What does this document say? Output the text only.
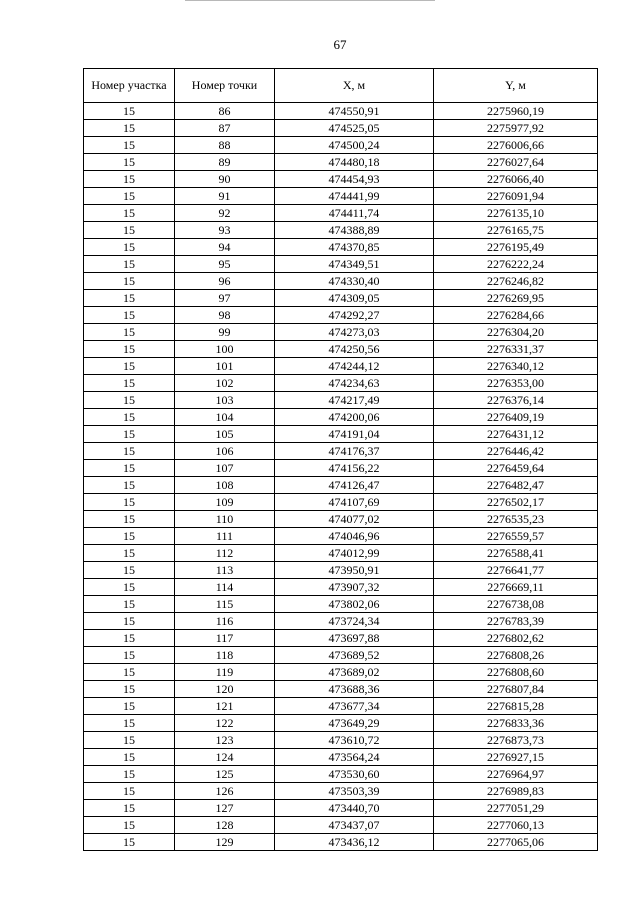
67
Номер участка	Номер точки	X, м	Y, м
15	86	474550,91	2275960,19
15	87	474525,05	2275977,92
15	88	474500,24	2276006,66
15	89	474480,18	2276027,64
15	90	474454,93	2276066,40
15	91	474441,99	2276091,94
15	92	474411,74	2276135,10
15	93	474388,89	2276165,75
15	94	474370,85	2276195,49
15	95	474349,51	2276222,24
15	96	474330,40	2276246,82
15	97	474309,05	2276269,95
15	98	474292,27	2276284,66
15	99	474273,03	2276304,20
15	100	474250,56	2276331,37
15	101	474244,12	2276340,12
15	102	474234,63	2276353,00
15	103	474217,49	2276376,14
15	104	474200,06	2276409,19
15	105	474191,04	2276431,12
15	106	474176,37	2276446,42
15	107	474156,22	2276459,64
15	108	474126,47	2276482,47
15	109	474107,69	2276502,17
15	110	474077,02	2276535,23
15	111	474046,96	2276559,57
15	112	474012,99	2276588,41
15	113	473950,91	2276641,77
15	114	473907,32	2276669,11
15	115	473802,06	2276738,08
15	116	473724,34	2276783,39
15	117	473697,88	2276802,62
15	118	473689,52	2276808,26
15	119	473689,02	2276808,60
15	120	473688,36	2276807,84
15	121	473677,34	2276815,28
15	122	473649,29	2276833,36
15	123	473610,72	2276873,73
15	124	473564,24	2276927,15
15	125	473530,60	2276964,97
15	126	473503,39	2276989,83
15	127	473440,70	2277051,29
15	128	473437,07	2277060,13
15	129	473436,12	2277065,06
